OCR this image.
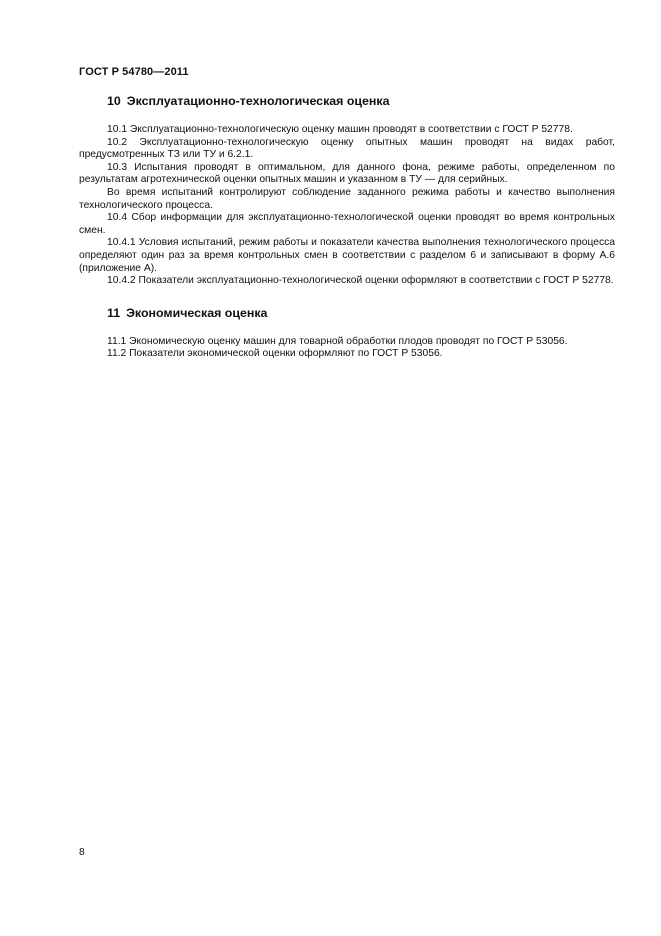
ГОСТ Р 54780—2011
10 Эксплуатационно-технологическая оценка

10.1 Эксплуатационно-технологическую оценку машин проводят в соответствии с ГОСТ Р 52778.

10.2 Эксплуатационно-технологическую оценку опытных машин проводят на видах работ, предусмотренных ТЗ или ТУ и 6.2.1.

10.3 Испытания проводят в оптимальном, для данного фона, режиме работы, определенном по результатам агротехнической оценки опытных машин и указанном в ТУ — для серийных.

Во время испытаний контролируют соблюдение заданного режима работы и качество выполнения технологического процесса.

10.4 Сбор информации для эксплуатационно-технологической оценки проводят во время контрольных смен.

10.4.1 Условия испытаний, режим работы и показатели качества выполнения технологического процесса определяют один раз за время контрольных смен в соответствии с разделом 6 и записывают в форму А.6 (приложение А).

10.4.2 Показатели эксплуатационно-технологической оценки оформляют в соответствии с ГОСТ Р 52778.

11 Экономическая оценка

11.1 Экономическую оценку машин для товарной обработки плодов проводят по ГОСТ Р 53056.

11.2 Показатели экономической оценки оформляют по ГОСТ Р 53056.

8
